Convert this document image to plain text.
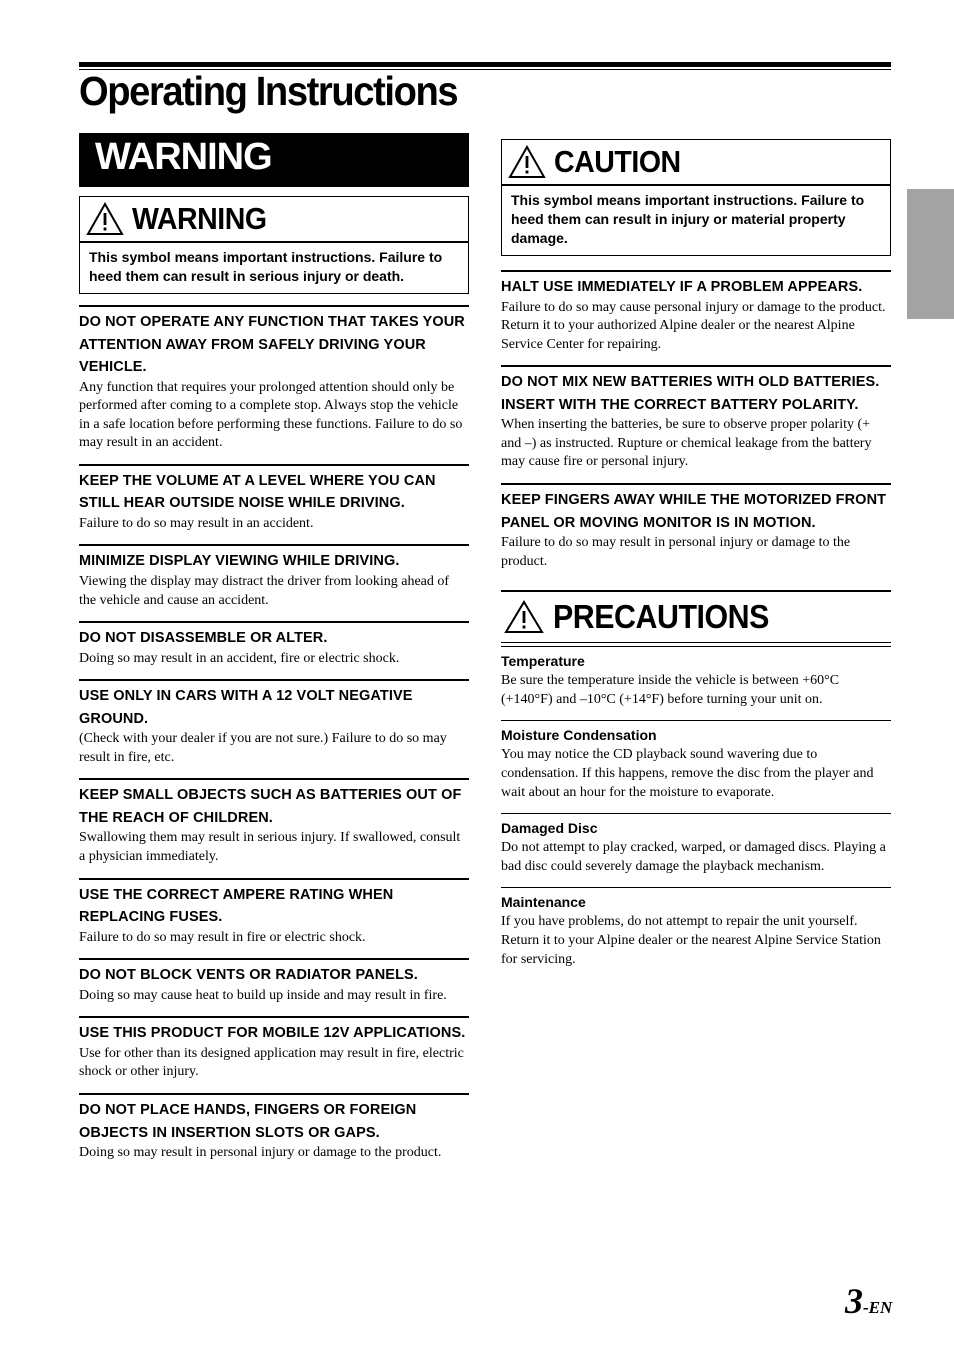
Operating Instructions
WARNING
WARNING
This symbol means important instructions. Failure to heed them can result in serious injury or death.
DO NOT OPERATE ANY FUNCTION THAT TAKES YOUR ATTENTION AWAY FROM SAFELY DRIVING YOUR VEHICLE.
Any function that requires your prolonged attention should only be performed after coming to a complete stop. Always stop the vehicle in a safe location before performing these functions. Failure to do so may result in an accident.
KEEP THE VOLUME AT A LEVEL WHERE YOU CAN STILL HEAR OUTSIDE NOISE WHILE DRIVING.
Failure to do so may result in an accident.
MINIMIZE DISPLAY VIEWING WHILE DRIVING.
Viewing the display may distract the driver from looking ahead of the vehicle and cause an accident.
DO NOT DISASSEMBLE OR ALTER.
Doing so may result in an accident, fire or electric shock.
USE ONLY IN CARS WITH A 12 VOLT NEGATIVE GROUND.
(Check with your dealer if you are not sure.) Failure to do so may result in fire, etc.
KEEP SMALL OBJECTS SUCH AS BATTERIES OUT OF THE REACH OF CHILDREN.
Swallowing them may result in serious injury. If swallowed, consult a physician immediately.
USE THE CORRECT AMPERE RATING WHEN REPLACING FUSES.
Failure to do so may result in fire or electric shock.
DO NOT BLOCK VENTS OR RADIATOR PANELS.
Doing so may cause heat to build up inside and may result in fire.
USE THIS PRODUCT FOR MOBILE 12V APPLICATIONS.
Use for other than its designed application may result in fire, electric shock or other injury.
DO NOT PLACE HANDS, FINGERS OR FOREIGN OBJECTS IN INSERTION SLOTS OR GAPS.
Doing so may result in personal injury or damage to the product.
CAUTION
This symbol means important instructions. Failure to heed them can result in injury or material property damage.
HALT USE IMMEDIATELY IF A PROBLEM APPEARS.
Failure to do so may cause personal injury or damage to the product. Return it to your authorized Alpine dealer or the nearest Alpine Service Center for repairing.
DO NOT MIX NEW BATTERIES WITH OLD BATTERIES. INSERT WITH THE CORRECT BATTERY POLARITY.
When inserting the batteries, be sure to observe proper polarity (+ and –) as instructed. Rupture or chemical leakage from the battery may cause fire or personal injury.
KEEP FINGERS AWAY WHILE THE MOTORIZED FRONT PANEL OR MOVING MONITOR IS IN MOTION.
Failure to do so may result in personal injury or damage to the product.
PRECAUTIONS
Temperature
Be sure the temperature inside the vehicle is between +60°C (+140°F) and –10°C (+14°F) before turning your unit on.
Moisture Condensation
You may notice the CD playback sound wavering due to condensation. If this happens, remove the disc from the player and wait about an hour for the moisture to evaporate.
Damaged Disc
Do not attempt to play cracked, warped, or damaged discs. Playing a bad disc could severely damage the playback mechanism.
Maintenance
If you have problems, do not attempt to repair the unit yourself. Return it to your Alpine dealer or the nearest Alpine Service Station for servicing.
3-EN
